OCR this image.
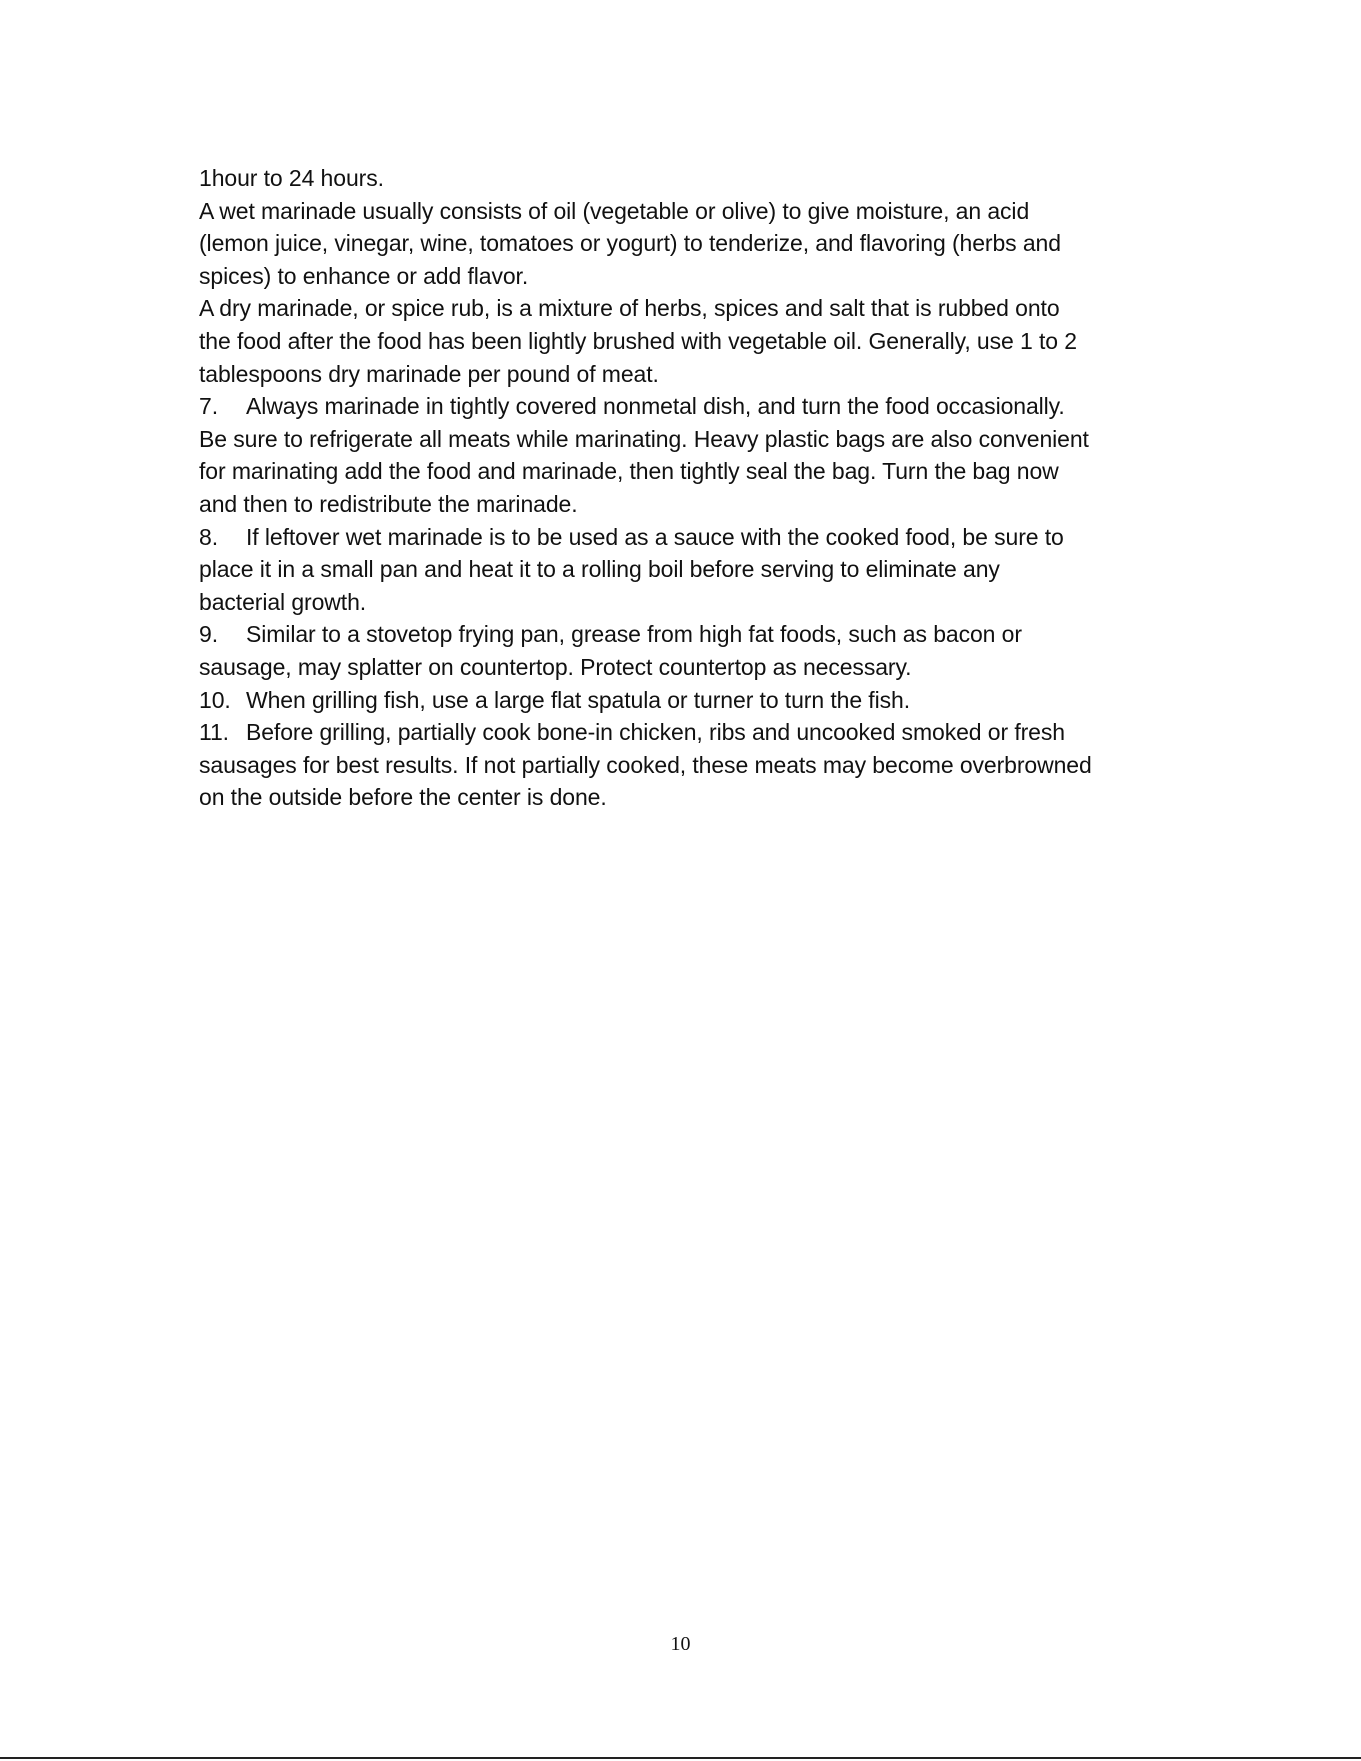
1hour to 24 hours.
A wet marinade usually consists of oil (vegetable or olive) to give moisture, an acid
(lemon juice, vinegar, wine, tomatoes or yogurt) to tenderize, and flavoring (herbs and
spices) to enhance or add flavor.
A dry marinade, or spice rub, is a mixture of herbs, spices and salt that is rubbed onto
the food after the food has been lightly brushed with vegetable oil. Generally, use 1 to 2
tablespoons dry marinade per pound of meat.
7. Always marinade in tightly covered nonmetal dish, and turn the food occasionally.
Be sure to refrigerate all meats while marinating. Heavy plastic bags are also convenient
for marinating add the food and marinade, then tightly seal the bag. Turn the bag now
and then to redistribute the marinade.
8. If leftover wet marinade is to be used as a sauce with the cooked food, be sure to
place it in a small pan and heat it to a rolling boil before serving to eliminate any
bacterial growth.
9. Similar to a stovetop frying pan, grease from high fat foods, such as bacon or
sausage, may splatter on countertop. Protect countertop as necessary.
10. When grilling fish, use a large flat spatula or turner to turn the fish.
11. Before grilling, partially cook bone-in chicken, ribs and uncooked smoked or fresh
sausages for best results. If not partially cooked, these meats may become overbrowned
on the outside before the center is done.
10
